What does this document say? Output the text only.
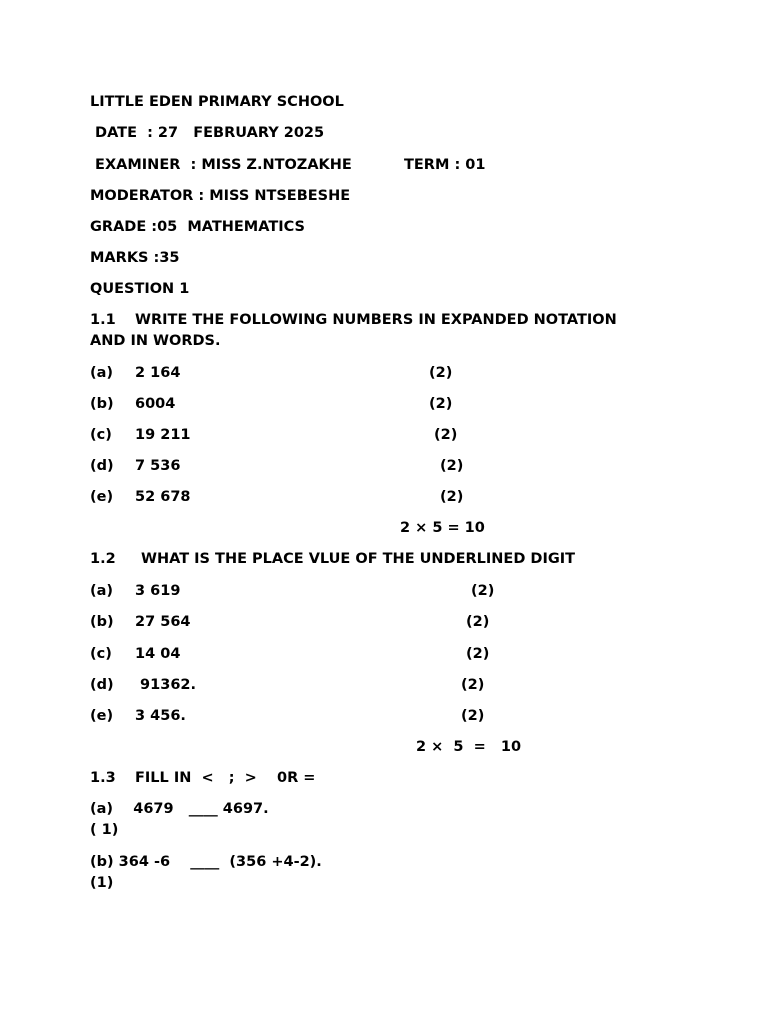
LITTLE EDEN PRIMARY SCHOOL
DATE  : 27   FEBRUARY 2025
EXAMINER  : MISS Z.NTOZAKHE	TERM : 01
MODERATOR : MISS NTSEBESHE
GRADE :05  MATHEMATICS
MARKS :35
QUESTION 1
1.1 WRITE THE FOLLOWING NUMBERS IN EXPANDED NOTATION
AND IN WORDS.
(a) 2 164	(2)
(b) 6004	(2)
(c) 19 211	(2)
(d) 7 536	(2)
(e) 52 678	(2)
2 × 5 = 10
1.2 WHAT IS THE PLACE VLUE OF THE UNDERLINED DIGIT
(a) 3 619	(2)
(b) 27 564	(2)
(c) 14 04	(2)
(d) 91362.	(2)
(e) 3 456.	(2)
2 ×  5  =   10
1.3 FILL IN  <   ;  >    0R =
(a)    4679   ____ 4697.
( 1)
(b) 364 -6    ____  (356 +4-2).
(1)
